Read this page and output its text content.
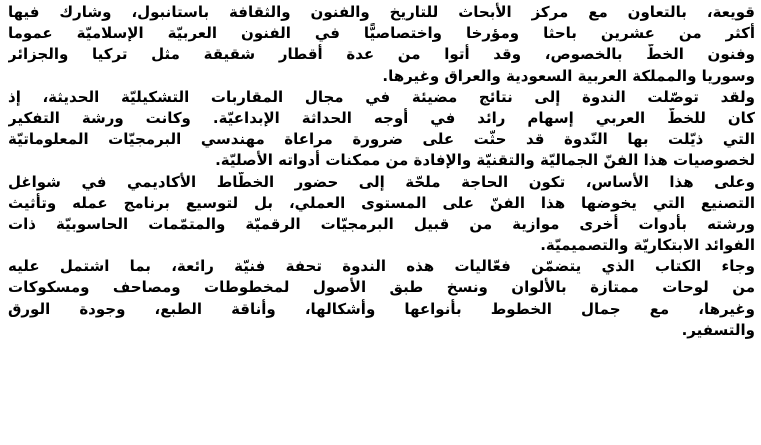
قويعة، بالتعاون مع مركز الأبحاث للتاريخ والفنون والثقافة باستانبول، وشارك فيها
أكثر من عشرين باحثا ومؤرخا واختصاصيًّا في الفنون العربيّة الإسلاميّة عموما
وفنون الخطّ بالخصوص، وقد أتوا من عدة أقطار شقيقة مثل تركيا والجزائر
وسوريا والمملكة العربية السعودية والعراق وغيرها.
ولقد توصّلت الندوة إلى نتائج مضيئة في مجال المقاربات التشكيليّة الحديثة، إذ
كان للخطّ العربي إسهام رائد في أوجه الحداثة الإبداعيّة. وكانت ورشة التفكير
التي ذيّلت بها النّدوة قد حثّت على ضرورة مراعاة مهندسي البرمجيّات المعلوماتيّة
لخصوصيات هذا الفنّ الجماليّة والتقنيّة والإفادة من ممكنات أدواته الأصليّة.
وعلى هذا الأساس، تكون الحاجة ملحّة إلى حضور الخطّاط الأكاديمي في شواغل
التصنيع التي يخوضها هذا الفنّ على المستوى العملي، بل لتوسيع برنامج عمله وتأثيث
ورشته بأدوات أخرى موازية من قبيل البرمجيّات الرقميّة والمتمّمات الحاسوبيّة ذات
الفوائد الابتكاريّة والتصميميّة.
وجاء الكتاب الذي يتضمّن فعّاليات هذه الندوة تحفة فنيّة رائعة، بما اشتمل عليه
من لوحات ممتازة بالألوان ونسخ طبق الأصول لمخطوطات ومصاحف ومسكوكات
وغيرها، مع جمال الخطوط بأنواعها وأشكالها، وأناقة الطبع، وجودة الورق
والتسفير.
